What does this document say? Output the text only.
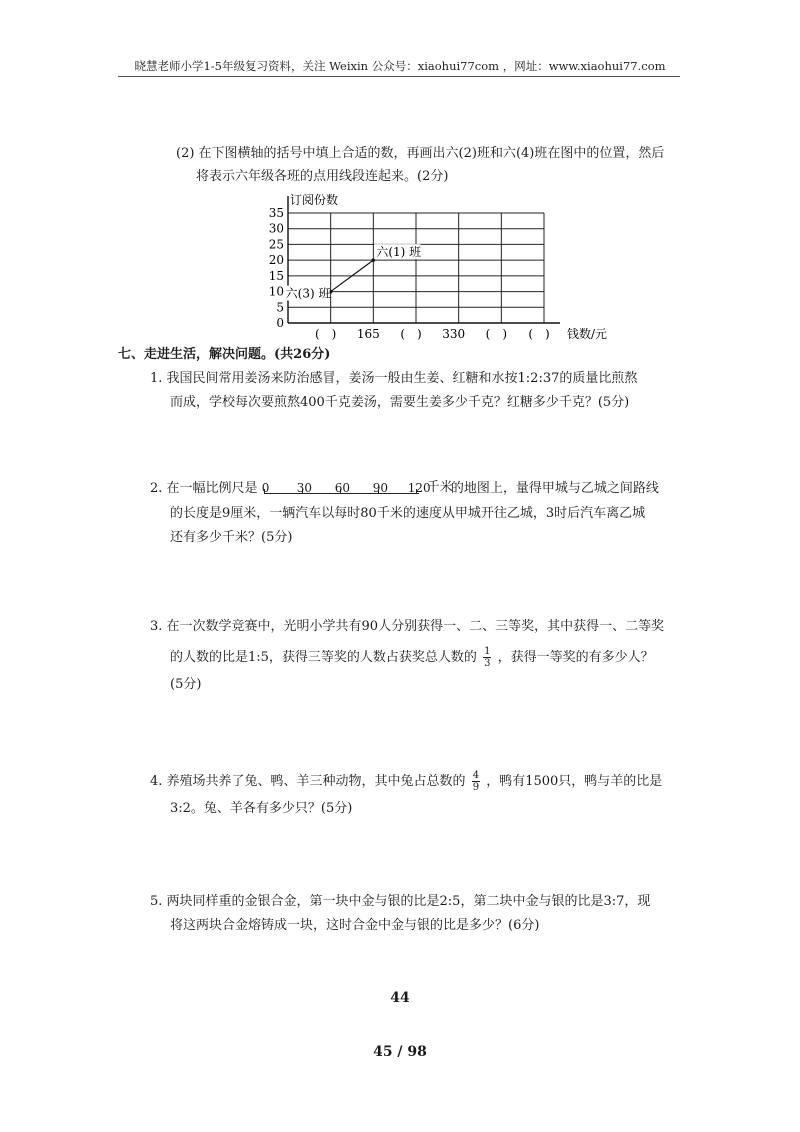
晓慧老师小学1-5年级复习资料，关注 Weixin 公众号：xiaohui77com ，网址：www.xiaohui77.com
(2) 在下图横轴的括号中填上合适的数，再画出六(2)班和六(4)班在图中的位置，然后
将表示六年级各班的点用线段连起来。(2分)
35
30
25
20
15
10
5
0
(　) 165 (　) 330 (　) (　)
六(3) 班
六(1) 班
订阅份数
钱数/元
七、走进生活，解决问题。(共26分)
1. 我国民间常用姜汤来防治感冒，姜汤一般由生姜、红糖和水按1:2:37的质量比煎熬
而成，学校每次要煎熬400千克姜汤，需要生姜多少千克？红糖多少千克？(5分)
2. 在一幅比例尺是 0 30 60 90 120
千米
的地图上，量得甲城与乙城之间路线
的长度是9厘米，一辆汽车以每时80千米的速度从甲城开往乙城，3时后汽车离乙城
还有多少千米？(5分)
3. 在一次数学竞赛中，光明小学共有90人分别获得一、二、三等奖，其中获得一、二等奖
的人数的比是1:5，获得三等奖的人数占获奖总人数的 $\frac{1}{3}$ ，获得一等奖的有多少人？
(5分)
4. 养殖场共养了兔、鸭、羊三种动物，其中兔占总数的 $\frac{4}{9}$ ，鸭有1500只，鸭与羊的比是
3:2。兔、羊各有多少只？(5分)
5. 两块同样重的金银合金，第一块中金与银的比是2:5，第二块中金与银的比是3:7，现
将这两块合金熔铸成一块，这时合金中金与银的比是多少？(6分)
44
45 / 98
